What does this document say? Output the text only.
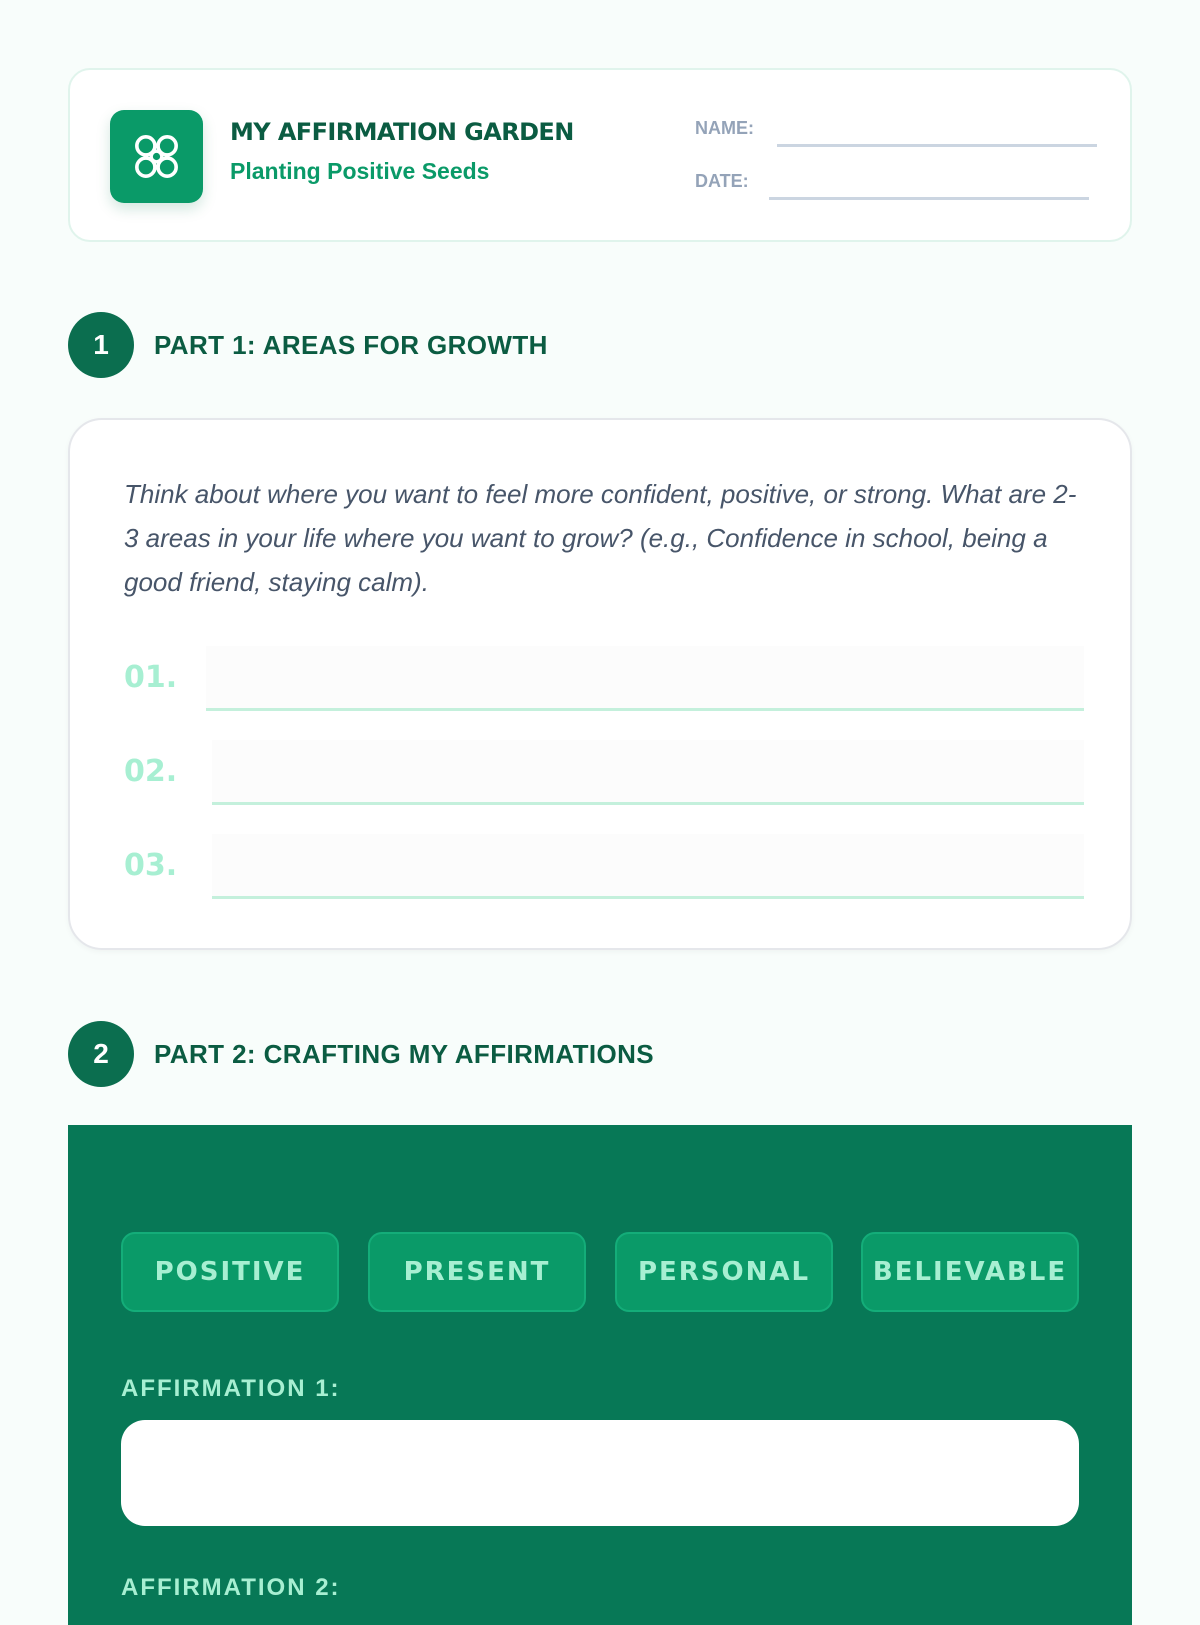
MY AFFIRMATION GARDEN
Planting Positive Seeds
NAME:
DATE:
1	PART 1: AREAS FOR GROWTH
Think about where you want to feel more confident, positive, or strong. What are 2-3 areas in your life where you want to grow? (e.g., Confidence in school, being a good friend, staying calm).
01.
02.
03.
2	PART 2: CRAFTING MY AFFIRMATIONS
POSITIVE	PRESENT	PERSONAL	BELIEVABLE
AFFIRMATION 1:
AFFIRMATION 2:
